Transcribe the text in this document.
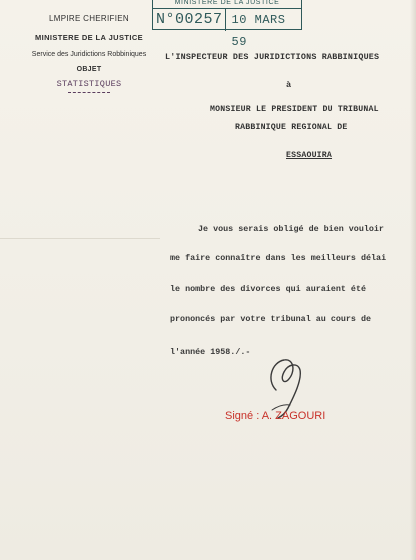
LMPIRE CHERIFIEN
MINISTERE DE LA JUSTICE
Service des Juridictions Robbiniques
OBJET
STATISTIQUES
MINISTERE DE LA JUSTICE
N°00257 10 MARS 59
L'INSPECTEUR DES JURIDICTIONS RABBINIQUES
à
MONSIEUR LE PRESIDENT DU TRIBUNAL
RABBINIQUE REGIONAL DE
ESSAOUIRA
Je vous serais obligé de bien vouloir
me faire connaître dans les meilleurs délai
le nombre des divorces qui auraient été
prononcés par votre tribunal au cours de
l'année 1958./.-
Signé : A. ZAGOURI
